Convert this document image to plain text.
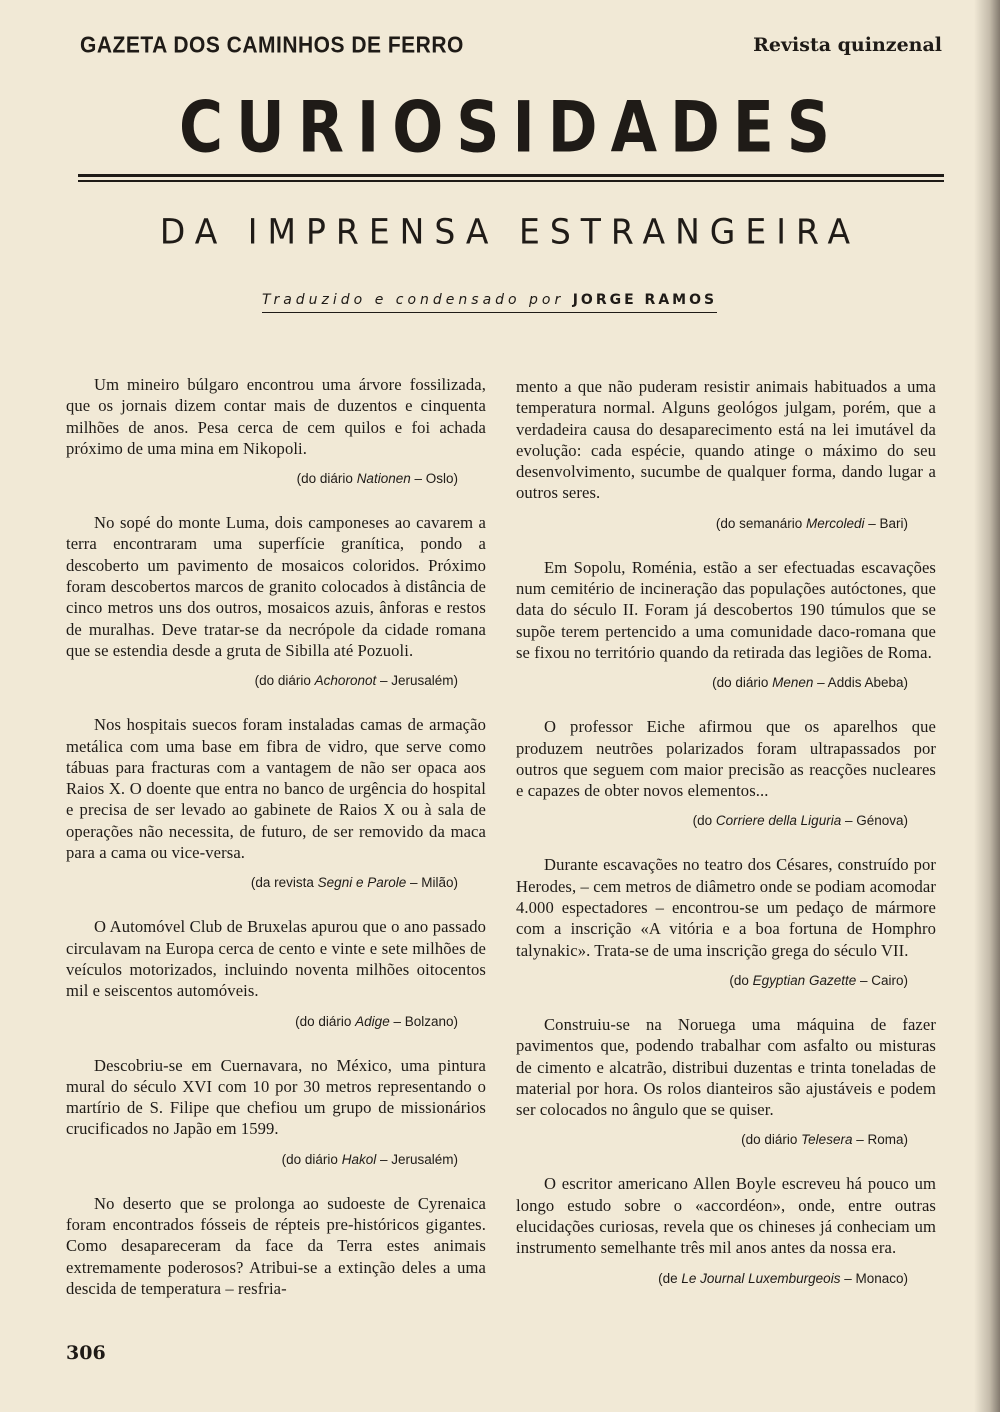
GAZETA DOS CAMINHOS DE FERRO	Revista quinzenal
CURIOSIDADES
DA IMPRENSA ESTRANGEIRA
Traduzido e condensado por JORGE RAMOS

Um mineiro búlgaro encontrou uma árvore fossilizada, que os jornais dizem contar mais de duzentos e cinquenta milhões de anos. Pesa cerca de cem quilos e foi achada próximo de uma mina em Nikopoli.

(do diário Nationen – Oslo)

No sopé do monte Luma, dois camponeses ao cavarem a terra encontraram uma superfície granítica, pondo a descoberto um pavimento de mosaicos coloridos. Próximo foram descobertos marcos de granito colocados à distância de cinco metros uns dos outros, mosaicos azuis, ânforas e restos de muralhas. Deve tratar-se da necrópole da cidade romana que se estendia desde a gruta de Sibilla até Pozuoli.

(do diário Achoronot – Jerusalém)

Nos hospitais suecos foram instaladas camas de armação metálica com uma base em fibra de vidro, que serve como tábuas para fracturas com a vantagem de não ser opaca aos Raios X. O doente que entra no banco de urgência do hospital e precisa de ser levado ao gabinete de Raios X ou à sala de operações não necessita, de futuro, de ser removido da maca para a cama ou vice-versa.

(da revista Segni e Parole – Milão)

O Automóvel Club de Bruxelas apurou que o ano passado circulavam na Europa cerca de cento e vinte e sete milhões de veículos motorizados, incluindo noventa milhões oitocentos mil e seiscentos automóveis.

(do diário Adige – Bolzano)

Descobriu-se em Cuernavara, no México, uma pintura mural do século XVI com 10 por 30 metros representando o martírio de S. Filipe que chefiou um grupo de missionários crucificados no Japão em 1599.

(do diário Hakol – Jerusalém)

No deserto que se prolonga ao sudoeste de Cyrenaica foram encontrados fósseis de répteis pre-históricos gigantes. Como desapareceram da face da Terra estes animais extremamente poderosos? Atribui-se a extinção deles a uma descida de temperatura – resfria-

mento a que não puderam resistir animais habituados a uma temperatura normal. Alguns geológos julgam, porém, que a verdadeira causa do desaparecimento está na lei imutável da evolução: cada espécie, quando atinge o máximo do seu desenvolvimento, sucumbe de qualquer forma, dando lugar a outros seres.

(do semanário Mercoledi – Bari)

Em Sopolu, Roménia, estão a ser efectuadas escavações num cemitério de incineração das populações autóctones, que data do século II. Foram já descobertos 190 túmulos que se supõe terem pertencido a uma comunidade daco-romana que se fixou no território quando da retirada das legiões de Roma.

(do diário Menen – Addis Abeba)

O professor Eiche afirmou que os aparelhos que produzem neutrões polarizados foram ultrapassados por outros que seguem com maior precisão as reacções nucleares e capazes de obter novos elementos...

(do Corriere della Liguria – Génova)

Durante escavações no teatro dos Césares, construído por Herodes, – cem metros de diâmetro onde se podiam acomodar 4.000 espectadores – encontrou-se um pedaço de mármore com a inscrição «A vitória e a boa fortuna de Homphro talynakic». Trata-se de uma inscrição grega do século VII.

(do Egyptian Gazette – Cairo)

Construiu-se na Noruega uma máquina de fazer pavimentos que, podendo trabalhar com asfalto ou misturas de cimento e alcatrão, distribui duzentas e trinta toneladas de material por hora. Os rolos dianteiros são ajustáveis e podem ser colocados no ângulo que se quiser.

(do diário Telesera – Roma)

O escritor americano Allen Boyle escreveu há pouco um longo estudo sobre o «accordéon», onde, entre outras elucidações curiosas, revela que os chineses já conheciam um instrumento semelhante três mil anos antes da nossa era.

(de Le Journal Luxemburgeois – Monaco)
306
